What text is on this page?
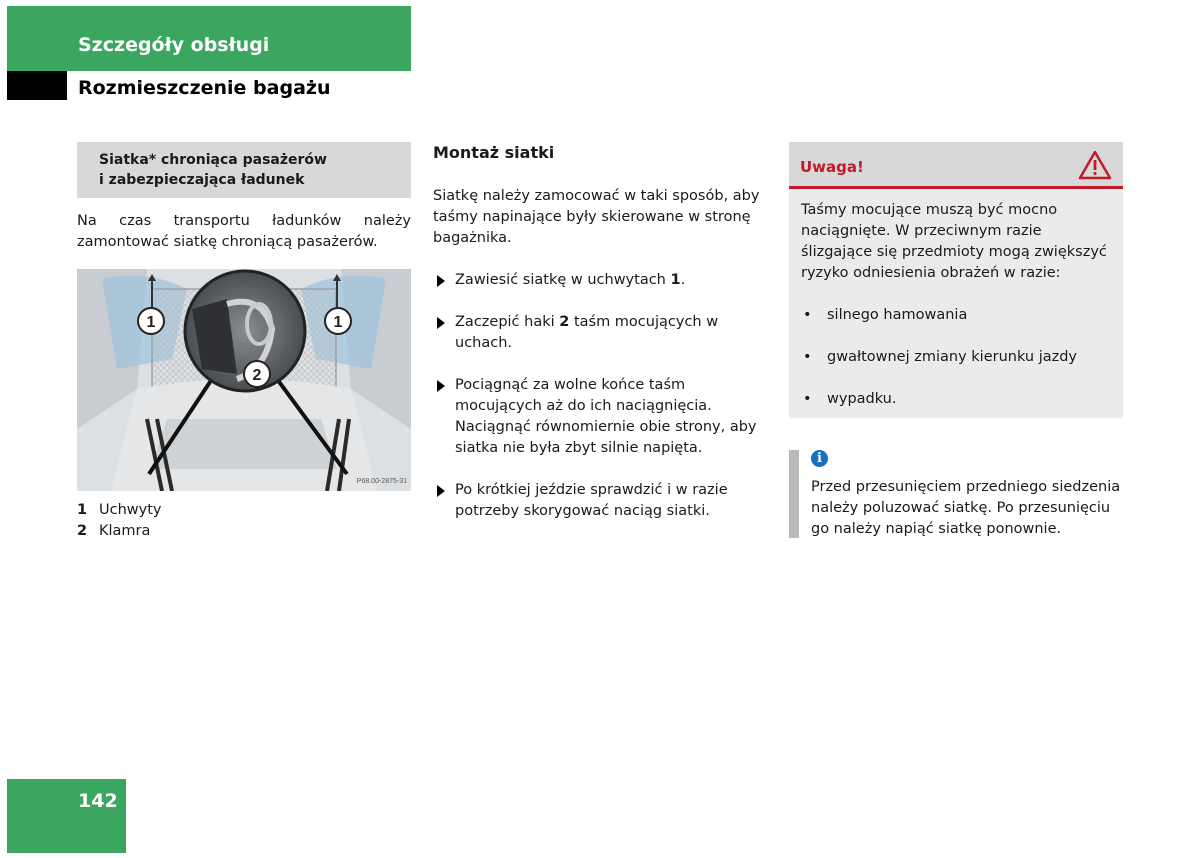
Szczegóły obsługi
Rozmieszczenie bagażu
Siatka* chroniąca pasażerów
i zabezpieczająca ładunek

Na czas transportu ładunków należy zamontować siatkę chroniącą pasażerów.

1	1
2
P68.00-2875-31
1 Uchwyty
2 Klamra
Montaż siatki

Siatkę należy zamocować w taki sposób, aby taśmy napinające były skierowane w stronę bagażnika.

Zawiesić siatkę w uchwytach 1.
Zaczepić haki 2 taśm mocujących w uchach.
Pociągnąć za wolne końce taśm mocujących aż do ich naciągnięcia. Naciągnąć równomiernie obie strony, aby siatka nie była zbyt silnie napięta.
Po krótkiej jeździe sprawdzić i w razie potrzeby skorygować naciąg siatki.
Uwaga!

Taśmy mocujące muszą być mocno naciągnięte. W przeciwnym razie ślizgające się przedmioty mogą zwiększyć ryzyko odniesienia obrażeń w razie:

• silnego hamowania
• gwałtownej zmiany kierunku jazdy
• wypadku.
i

Przed przesunięciem przedniego siedzenia należy poluzować siatkę. Po przesunięciu go należy napiąć siatkę ponownie.

142
